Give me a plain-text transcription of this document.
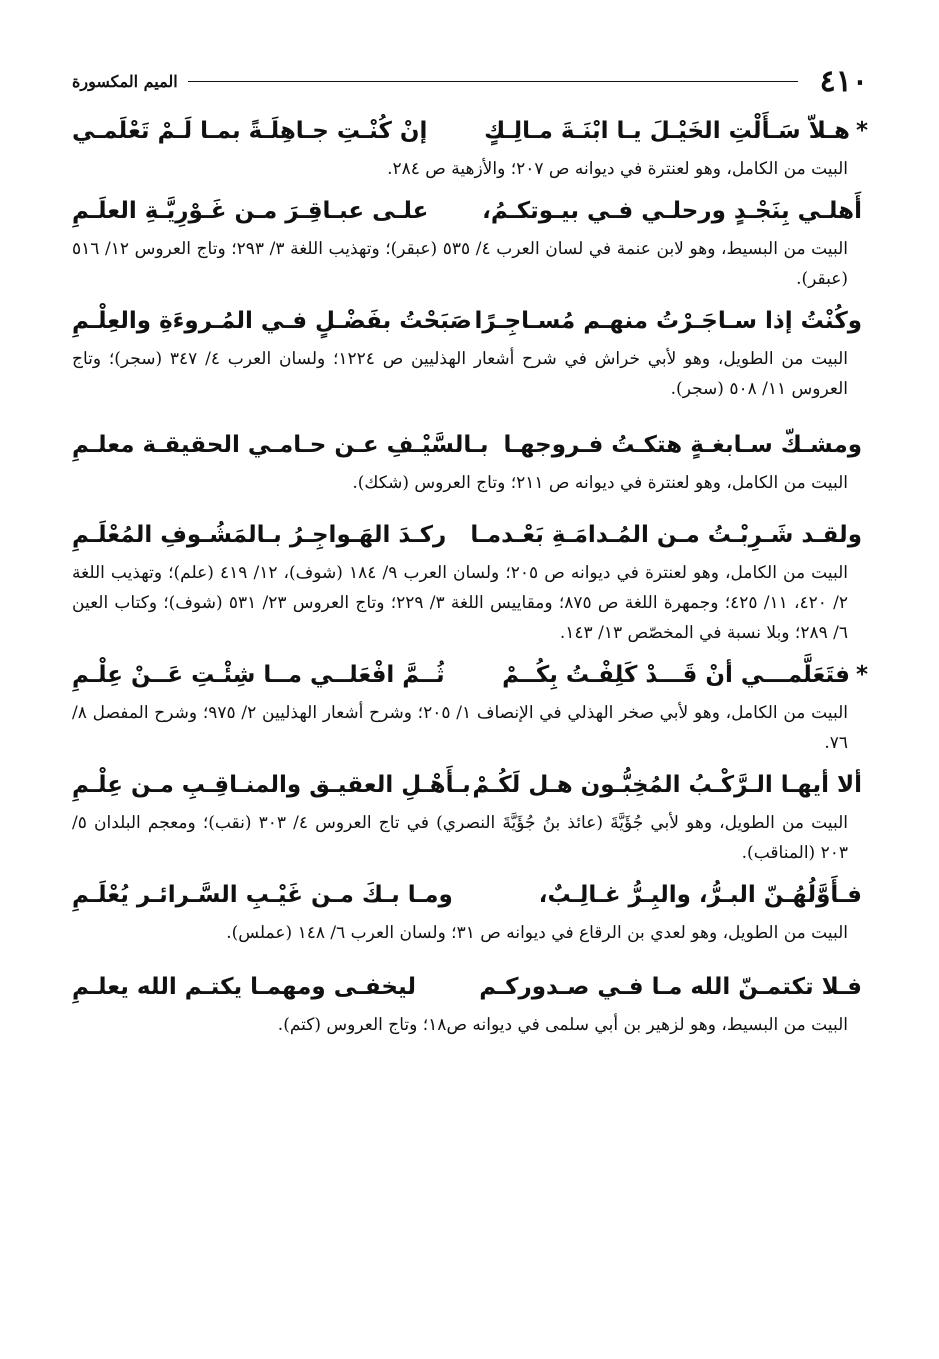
٤١٠
الميم المكسورة
*هـلاّ سَـأَلْتِ الخَيْـلَ يـا ابْنَـةَ مـالِـكٍ
إنْ كُنْـتِ جـاهِلَـةً بمـا لَـمْ تَعْلَمـي
البيت من الكامل، وهو لعنترة في ديوانه ص ٢٠٧؛ والأزهية ص ٢٨٤.
أَهلـي بِنَجْـدٍ ورحلـي فـي بيـوتكـمُ،
علـى عبـاقِـرَ مـن غَـوْرِيَّـةِ العلَـمِ
البيت من البسيط، وهو لابن عنمة في لسان العرب ٤/ ٥٣٥ (عبقر)؛ وتهذيب اللغة ٣/ ٢٩٣؛ وتاج العروس ١٢/ ٥١٦ (عبقر).
وكُنْتُ إذا سـاجَـرْتُ منهـم مُسـاجِـرًا
صَبَحْتُ بفَضْـلٍ فـي المُـروءَةِ والعِلْـمِ
البيت من الطويل، وهو لأبي خراش في شرح أشعار الهذليين ص ١٢٢٤؛ ولسان العرب ٤/ ٣٤٧ (سجر)؛ وتاج العروس ١١/ ٥٠٨ (سجر).
ومشـكّ سـابغـةٍ هتكـتُ فـروجهـا
بـالسَّيْـفِ عـن حـامـي الحقيقـة معلـمِ
البيت من الكامل، وهو لعنترة في ديوانه ص ٢١١؛ وتاج العروس (شكك).
ولقـد شَـرِبْـتُ مـن المُـدامَـةِ بَعْـدمـا
ركـدَ الهَـواجِـرُ بـالمَشُـوفِ المُعْلَـمِ
البيت من الكامل، وهو لعنترة في ديوانه ص ٢٠٥؛ ولسان العرب ٩/ ١٨٤ (شوف)، ١٢/ ٤١٩ (علم)؛ وتهذيب اللغة ٢/ ٤٢٠، ١١/ ٤٢٥؛ وجمهرة اللغة ص ٨٧٥؛ ومقاييس اللغة ٣/ ٢٢٩؛ وتاج العروس ٢٣/ ٥٣١ (شوف)؛ وكتاب العين ٦/ ٢٨٩؛ وبلا نسبة في المخصّص ١٣/ ١٤٣.
*فتَعَلَّمـــي أنْ قَـــدْ كَلِفْـتُ بِكُــمْ
ثُــمَّ افْعَلــي مــا شِئْـتِ عَــنْ عِلْـمِ
البيت من الكامل، وهو لأبي صخر الهذلي في الإنصاف ١/ ٢٠٥؛ وشرح أشعار الهذليين ٢/ ٩٧٥؛ وشرح المفصل ٨/ ٧٦.
ألا أيهـا الـرَّكْـبُ المُخِبُّـون هـل لَكُـمْ
بـأَهْـلِ العقيـق والمنـاقِـبِ مـن عِلْـمِ
البيت من الطويل، وهو لأبي جُؤَيَّةَ (عائذ بنُ جُؤَيَّةَ النصري) في تاج العروس ٤/ ٣٠٣ (نقب)؛ ومعجم البلدان ٥/ ٢٠٣ (المناقب).
فـأَوَّلُهُـنّ البـرُّ، والبِـرُّ غـالِـبٌ،
ومـا بـكَ مـن غَيْـبِ السَّـرائـر يُعْلَـمِ
البيت من الطويل، وهو لعدي بن الرقاع في ديوانه ص ٣١؛ ولسان العرب ٦/ ١٤٨ (عملس).
فـلا تكتمـنّ الله مـا فـي صـدوركـم
ليخفـى ومهمـا يكتـم الله يعلـمِ
البيت من البسيط، وهو لزهير بن أبي سلمى في ديوانه ص١٨؛ وتاج العروس (كتم).
